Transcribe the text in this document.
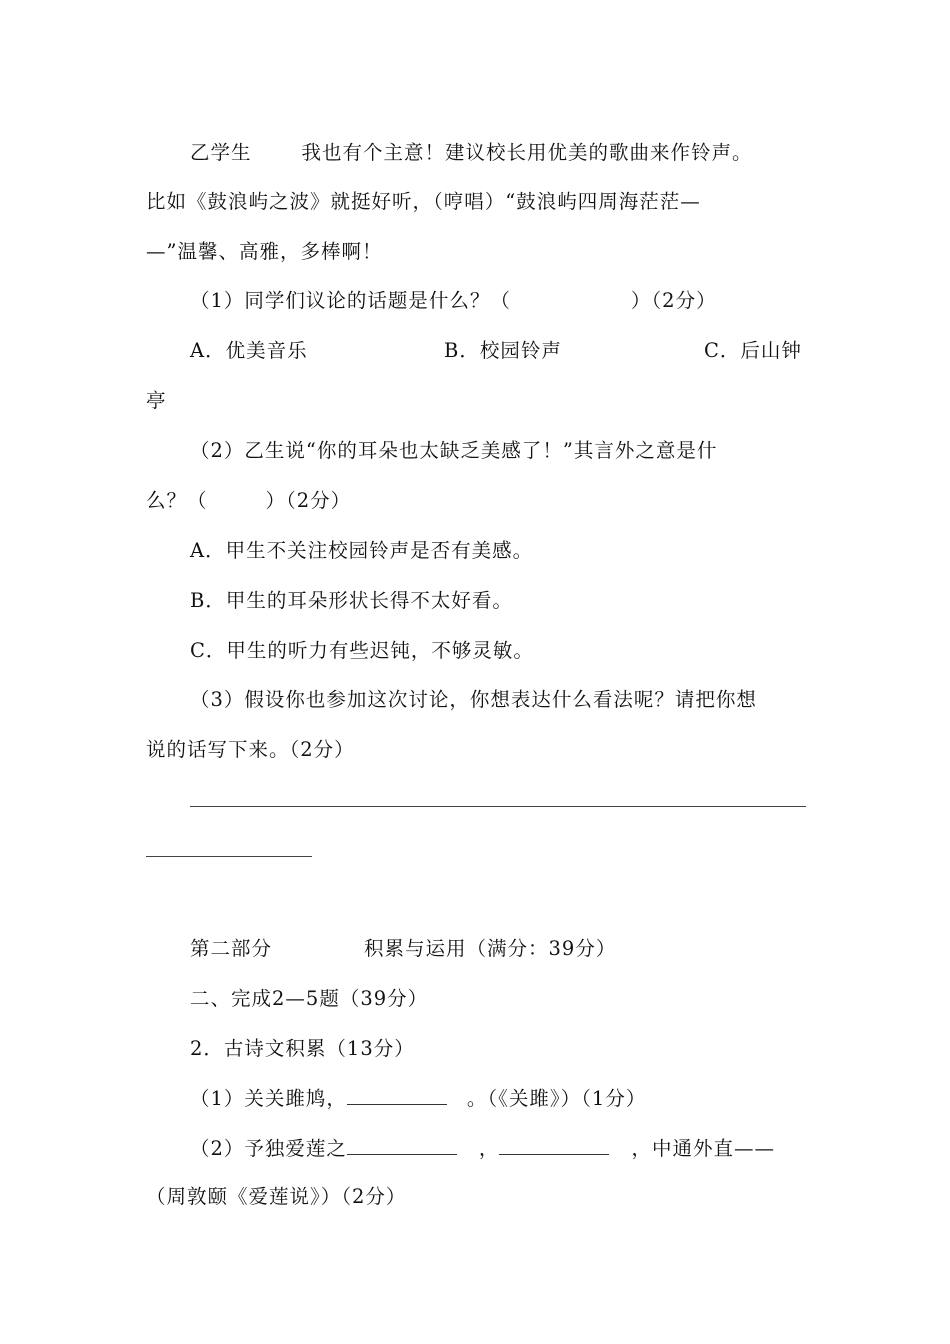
乙学生	我也有个主意！建议校长用优美的歌曲来作铃声。
比如《鼓浪屿之波》就挺好听，（哼唱）“鼓浪屿四周海茫茫—
—”温馨、高雅，多棒啊！
（1）同学们议论的话题是什么？（	）（2分）
A．优美音乐	B．校园铃声	C．后山钟
亭
（2）乙生说“你的耳朵也太缺乏美感了！”其言外之意是什
么？（	）（2分）
A．甲生不关注校园铃声是否有美感。
B．甲生的耳朵形状长得不太好看。
C．甲生的听力有些迟钝，不够灵敏。
（3）假设你也参加这次讨论，你想表达什么看法呢？请把你想
说的话写下来。（2分）
第二部分	积累与运用（满分：39分）
二、完成2—5题（39分）
2．古诗文积累（13分）
（1）关关雎鸠，	。（《关雎》）（1分）
（2）予独爱莲之	，	，中通外直——
（周敦颐《爱莲说》）（2分）
